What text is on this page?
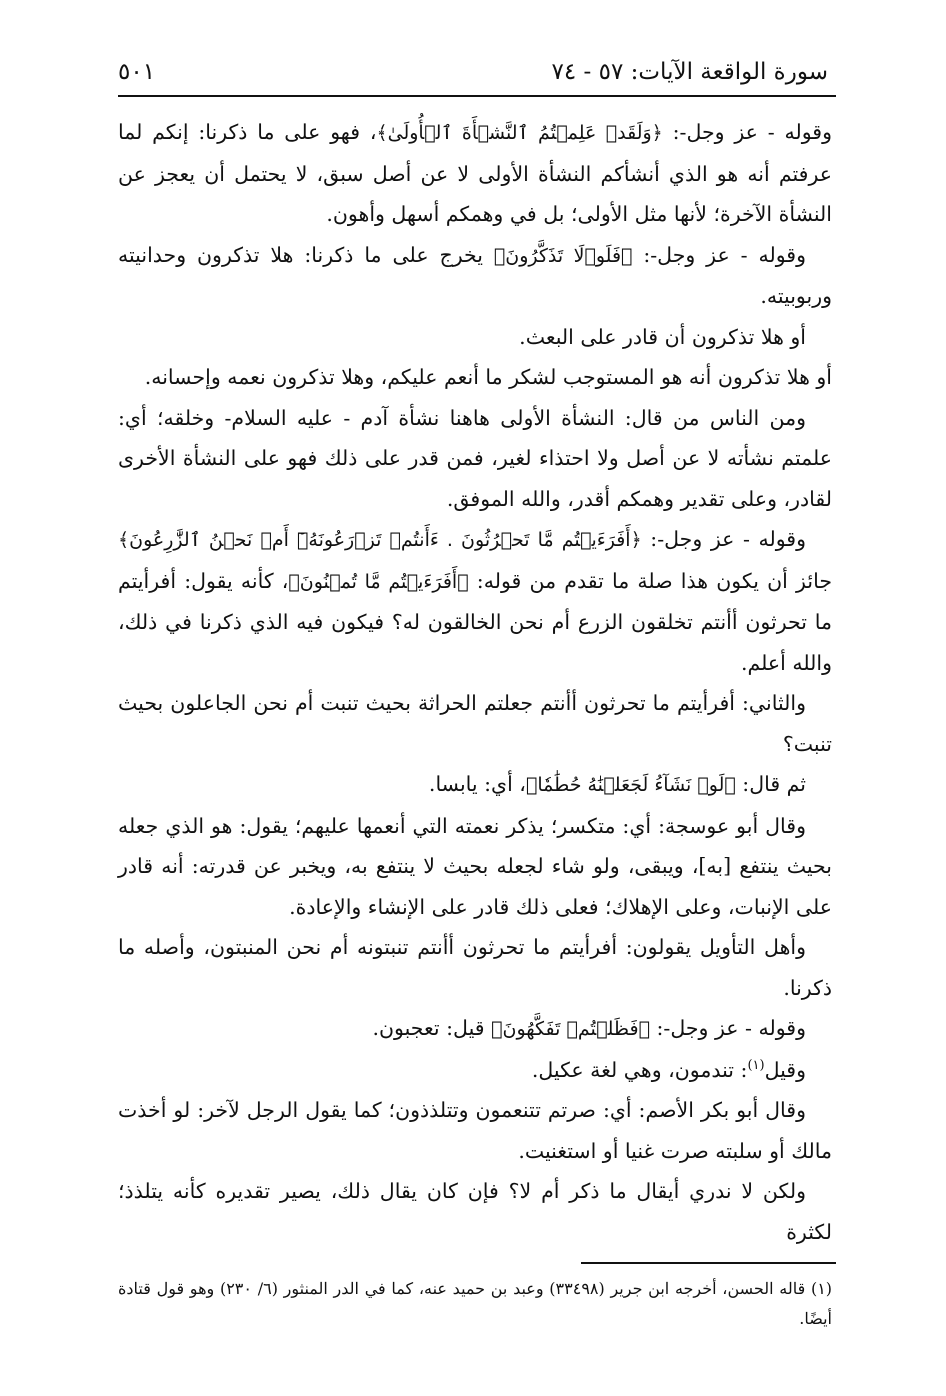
سورة الواقعة الآيات: ٥٧ - ٧٤
٥٠١

وقوله - عز وجل-: ﴿وَلَقَدۡ عَلِمۡتُمُ ٱلنَّشۡأَةَ ٱلۡأُولَىٰ﴾، فهو على ما ذكرنا: إنكم لما عرفتم أنه هو الذي أنشأكم النشأة الأولى لا عن أصل سبق، لا يحتمل أن يعجز عن النشأة الآخرة؛ لأنها مثل الأولى؛ بل في وهمكم أسهل وأهون.

وقوله - عز وجل-: ﴿فَلَوۡلَا تَذَكَّرُونَ﴾ يخرج على ما ذكرنا: هلا تذكرون وحدانيته وربوبيته.

أو هلا تذكرون أن قادر على البعث.

أو هلا تذكرون أنه هو المستوجب لشكر ما أنعم عليكم، وهلا تذكرون نعمه وإحسانه.

ومن الناس من قال: النشأة الأولى هاهنا نشأة آدم - عليه السلام- وخلقه؛ أي: علمتم نشأته لا عن أصل ولا احتذاء لغير، فمن قدر على ذلك فهو على النشأة الأخرى لقادر، وعلى تقدير وهمكم أقدر، والله الموفق.

وقوله - عز وجل-: ﴿أَفَرَءَيۡتُم مَّا تَحۡرُثُونَ . ءَأَنتُمۡ تَزۡرَعُونَهُۥٓ أَمۡ نَحۡنُ ٱلزَّٰرِعُونَ﴾ جائز أن يكون هذا صلة ما تقدم من قوله: ﴿أَفَرَءَيۡتُم مَّا تُمۡنُونَ﴾، كأنه يقول: أفرأيتم ما تحرثون أأنتم تخلقون الزرع أم نحن الخالقون له؟ فيكون فيه الذي ذكرنا في ذلك، والله أعلم.

والثاني: أفرأيتم ما تحرثون أأنتم جعلتم الحراثة بحيث تنبت أم نحن الجاعلون بحيث تنبت؟

ثم قال: ﴿لَوۡ نَشَآءُ لَجَعَلۡنَٰهُ حُطَٰمٗا﴾، أي: يابسا.

وقال أبو عوسجة: أي: متكسر؛ يذكر نعمته التي أنعمها عليهم؛ يقول: هو الذي جعله بحيث ينتفع [به]، ويبقى، ولو شاء لجعله بحيث لا ينتفع به، ويخبر عن قدرته: أنه قادر على الإنبات، وعلى الإهلاك؛ فعلى ذلك قادر على الإنشاء والإعادة.

وأهل التأويل يقولون: أفرأيتم ما تحرثون أأنتم تنبتونه أم نحن المنبتون، وأصله ما ذكرنا.

وقوله - عز وجل-: ﴿فَظَلۡتُمۡ تَفَكَّهُونَ﴾ قيل: تعجبون.

وقيل$^{(١)}$: تندمون، وهي لغة عكيل.

وقال أبو بكر الأصم: أي: صرتم تتنعمون وتتلذذون؛ كما يقول الرجل لآخر: لو أخذت مالك أو سلبته صرت غنيا أو استغنيت.

ولكن لا ندري أيقال ما ذكر أم لا؟ فإن كان يقال ذلك، يصير تقديره كأنه يتلذذ؛ لكثرة

(١) قاله الحسن، أخرجه ابن جرير (٣٣٤٩٨) وعبد بن حميد عنه، كما في الدر المنثور (٦/ ٢٣٠) وهو قول قتادة أيضًا.
